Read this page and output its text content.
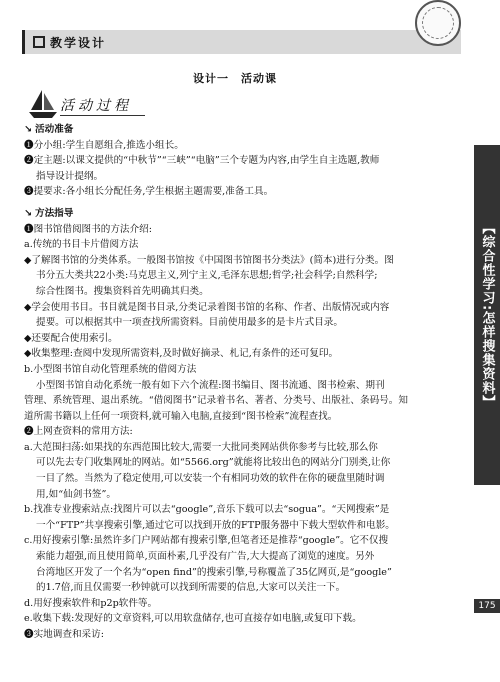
教学设计
设计一　活动课
活动过程

↘ 活动准备

❶分小组:学生自愿组合,推选小组长。

❷定主题:以课文提供的“中秋节”“三峡”“电脑”三个专题为内容,由学生自主选题,教师

指导设计提纲。

❸提要求:各小组长分配任务,学生根据主题需要,准备工具。

↘ 方法指导

❶图书馆借阅图书的方法介绍:

a.传统的书目卡片借阅方法

◆了解图书馆的分类体系。一般图书馆按《中国图书馆图书分类法》(简本)进行分类。图

书分五大类共22小类:马克思主义,列宁主义,毛泽东思想;哲学;社会科学;自然科学;

综合性图书。搜集资料首先明确其归类。

◆学会使用书目。书目就是图书目录,分类记录着图书馆的名称、作者、出版情况或内容

提要。可以根据其中一项查找所需资料。目前使用最多的是卡片式目录。

◆还要配合使用索引。

◆收集整理:查阅中发现所需资料,及时做好摘录、札记,有条件的还可复印。

b.小型图书馆自动化管理系统的借阅方法

小型图书馆自动化系统一般有如下六个流程:图书编目、图书流通、图书检索、期刊

管理、系统管理、退出系统。“借阅图书”记录着书名、著者、分类号、出版社、条码号。知

道所需书籍以上任何一项资料,就可输入电脑,直接到“图书检索”流程查找。

❷上网查资料的常用方法:

a.大范围扫荡:如果找的东西范围比较大,需要一大批同类网站供你参考与比较,那么你

可以先去专门收集网址的网站。如“5566.org”就能将比较出色的网站分门别类,让你

一目了然。当然为了稳定使用,可以安装一个有相同功效的软件在你的硬盘里随时调

用,如“仙剑书签”。

b.找准专业搜索站点:找图片可以去“google”,音乐下载可以去“sogua”。“天网搜索”是

一个“FTP”共享搜索引擎,通过它可以找到开放的FTP服务器中下载大型软件和电影。

c.用好搜索引擎:虽然许多门户网站都有搜索引擎,但笔者还是推荐“google”。它不仅搜

索能力超强,而且使用简单,页面朴素,几乎没有广告,大大提高了浏览的速度。另外

台湾地区开发了一个名为“open find”的搜索引擎,号称覆盖了35亿网页,是“google”

的1.7倍,而且仅需要一秒钟就可以找到所需要的信息,大家可以关注一下。

d.用好搜索软件和p2p软件等。

e.收集下载:发现好的文章资料,可以用软盘储存,也可直接存如电脑,或复印下载。

❸实地调查和采访:

【综合性学习:怎样搜集资料】
175
